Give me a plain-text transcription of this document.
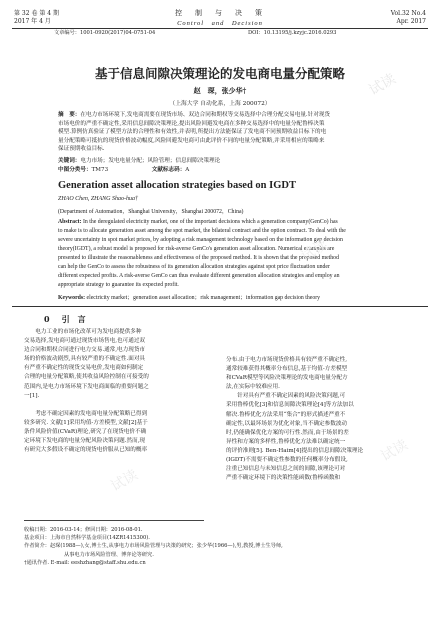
第 32 卷 第 4 期
2017 年 4 月
控　制　与　决　策
Control　and　Decision
Vol.32 No.4
Apr. 2017
文章编号：1001-0920(2017)04-0751-04	DOI：10.13195/j.kzyjc.2016.0293
基于信息间隙决策理论的发电商电量分配策略
赵　琛，张少华†
（上海大学 自动化系，上海 200072）
摘　要：在电力市场环境下,发电商需要在现货市场、双边合同和期权等交易选择中合理分配交易电量.针对现货
市场电价的严重不确定性,采用信息间隙决策理论,提出风险回避发电商在多种交易选择中的电量分配鲁棒决策
模型.算例仿真验证了模型方法的合理性和有效性,并表明,所提出方法能保证了发电商不同预期收益目标下的电
量分配策略可抵抗的现货价格波动幅度,风险回避发电商可由此评价不同的电量分配策略,并采用相应的策略来
保证预期收益目标.
关键词：电力市场；发电电量分配；风险管理；信息间隙决策理论
中图分类号：TM73	文献标志码：A
Generation asset allocation strategies based on IGDT
ZHAO Chen, ZHANG Shao-hua†
(Department of Automation，Shanghai University，Shanghai 200072，China)
Abstract: In the deregulated electricity market, one of the important decisions which a generation company(GenCo) has
to make is to allocate generation asset among the spot market, the bilateral contract and the option contract. To deal with the
severe uncertainty in spot market prices, by adopting a risk management technology based on the information gap decision
theory(IGDT), a robust model is proposed for risk-averse GenCo's generation asset allocation. Numerical examples are
presented to illustrate the reasonableness and effectiveness of the proposed method. It is shown that the proposed method
can help the GenCo to assess the robustness of its generation allocation strategies against spot price fluctuation under
different expected profits. A risk-averse GenCo can thus evaluate different generation allocation strategies and employ an
appropriate strategy to guarantee its expected profit.
Keywords: electricity market；generation asset allocation；risk management；information gap decision theory
0 引　言
　　电力工业的市场化改革可为发电商提供多种
交易选择,发电商可通过现货市场售电,也可通过双
边合同和期权合同进行电力交易.通常,电力现货市
场的价格波动剧烈,具有较严重的不确定性.面对具
有严重不确定性的现货交易电价,发电商如何制定
合理的电量分配策略,使其收益风险控制在可接受的
范围内,是电力市场环境下发电商面临的重要问题之
一[1].
　　考虑不确定因素的发电商电量分配策略已得到
较多研究. 文献[1]采用均值-方差模型,文献[2]基于
条件风险价值(CVaR)理论,研究了在现货电价不确
定环境下发电商的电量分配风险决策问题.然而,现
有研究大多假设不确定的现货电价服从已知的概率
分布.由于电力市场现货价格具有较严重不确定性,
通常较难获得其概率分布信息,基于均值-方差模型
和CVaR模型等风险决策理论的发电商电量分配方
法,在实际中较难应用.
　　针对具有严重不确定因素的风险决策问题,可
采用鲁棒优化[3]和信息间隙决策理论[4]等方法加以
解决.鲁棒优化方法采用“集合”的形式描述严重不
确定性,以最坏场景为优化对象,当不确定参数波动
时,仍能确保优化方案的可行性.然而,由于场景的差
异性和方案的多样性,鲁棒优化方法难以确定统一
的评价准则[5]. Ben-Haim[4]提出的信息间隙决策理论
(IGDT)不需要不确定性参数的任何概率分布假设,
注重已知信息与未知信息之间的间隙,该理论可对
严重不确定环境下的决策性能函数(鲁棒函数和
收稿日期：2016-03-14；修回日期：2016-08-01.
基金项目：上海市自然科学基金项目(14ZR1415300).
作者简介：赵琛(1988—),女,博士生,从事电力市场风险管理与决策的研究；张少华(1966—),男,教授,博士生导师,
从事电力市场风险管理、博弈论等研究.
†通讯作者. E-mail: eeshzhang@staff.shu.edu.cn
试读
试读
试读
试读
